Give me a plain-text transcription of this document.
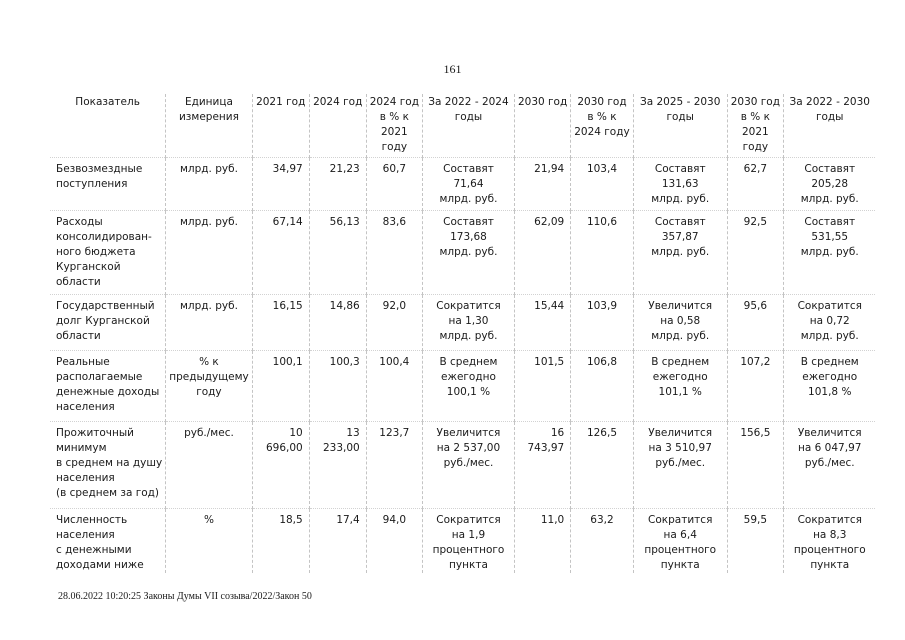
161
Показатель	Единица
измерения	2021 год	2024 год	2024 год
в % к
2021
году	За 2022 - 2024
годы	2030 год	2030 год
в % к
2024 году	За 2025 - 2030
годы	2030 год
в % к
2021
году	За 2022 - 2030
годы

Безвозмездные
поступления	млрд. руб.	34,97	21,23	60,7	Составят
71,64
млрд. руб.	21,94	103,4	Составят
131,63
млрд. руб.	62,7	Составят
205,28
млрд. руб.

Расходы
консолидирован-
ного бюджета
Курганской
области	млрд. руб.	67,14	56,13	83,6	Составят
173,68
млрд. руб.	62,09	110,6	Составят
357,87
млрд. руб.	92,5	Составят
531,55
млрд. руб.

Государственный
долг Курганской
области	млрд. руб.	16,15	14,86	92,0	Сократится
на 1,30
млрд. руб.	15,44	103,9	Увеличится
на 0,58
млрд. руб.	95,6	Сократится
на 0,72
млрд. руб.

Реальные
располагаемые
денежные доходы
населения	% к
предыдущему
году	100,1	100,3	100,4	В среднем
ежегодно
100,1 %	101,5	106,8	В среднем
ежегодно
101,1 %	107,2	В среднем
ежегодно
101,8 %

Прожиточный
минимум
в среднем на душу
населения
(в среднем за год)	руб./мес.	10 696,00	13 233,00	123,7	Увеличится
на 2 537,00
руб./мес.	16 743,97	126,5	Увеличится
на 3 510,97
руб./мес.	156,5	Увеличится
на 6 047,97
руб./мес.

Численность
населения
с денежными
доходами ниже	%	18,5	17,4	94,0	Сократится
на 1,9
процентного
пункта	11,0	63,2	Сократится
на 6,4
процентного
пункта	59,5	Сократится
на 8,3
процентного
пункта
28.06.2022 10:20:25 Законы Думы VII созыва/2022/Закон 50
